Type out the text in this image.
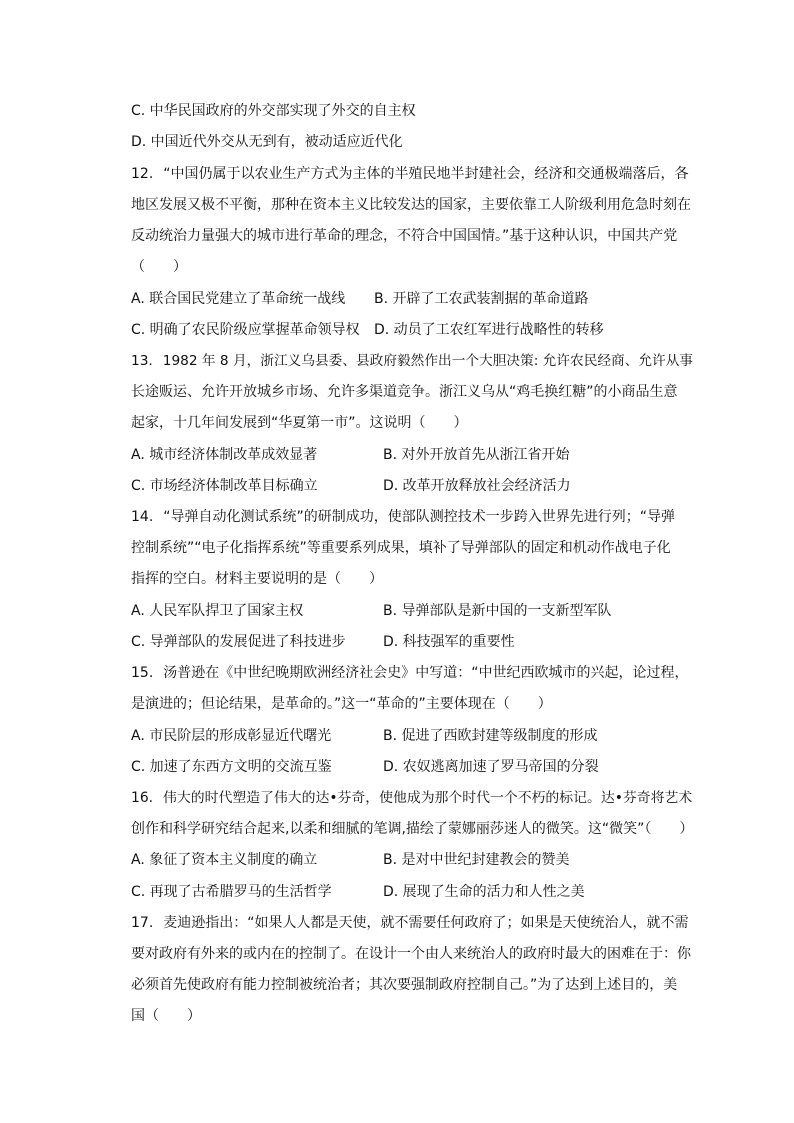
C. 中华民国政府的外交部实现了外交的自主权
D. 中国近代外交从无到有，被动适应近代化
12. “中国仍属于以农业生产方式为主体的半殖民地半封建社会，经济和交通极端落后，各
地区发展又极不平衡，那种在资本主义比较发达的国家，主要依靠工人阶级利用危急时刻在
反动统治力量强大的城市进行革命的理念，不符合中国国情。”基于这种认识，中国共产党
（　　）
A. 联合国民党建立了革命统一战线 B. 开辟了工农武装割据的革命道路
C. 明确了农民阶级应掌握革命领导权 D. 动员了工农红军进行战略性的转移
13. 1982 年 8 月，浙江义乌县委、县政府毅然作出一个大胆决策: 允许农民经商、允许从事
长途贩运、允许开放城乡市场、允许多渠道竞争。浙江义乌从“鸡毛换红糖”的小商品生意
起家，十几年间发展到“华夏第一市”。这说明（　　）
A. 城市经济体制改革成效显著	B. 对外开放首先从浙江省开始
C. 市场经济体制改革目标确立	D. 改革开放释放社会经济活力
14. “导弹自动化测试系统”的研制成功，使部队测控技术一步跨入世界先进行列；“导弹
控制系统”“电子化指挥系统”等重要系列成果，填补了导弹部队的固定和机动作战电子化
指挥的空白。材料主要说明的是（　　）
A. 人民军队捍卫了国家主权	B. 导弹部队是新中国的一支新型军队
C. 导弹部队的发展促进了科技进步	D. 科技强军的重要性
15. 汤普逊在《中世纪晚期欧洲经济社会史》中写道：“中世纪西欧城市的兴起，论过程，
是演进的；但论结果，是革命的。”这一“革命的”主要体现在（　　）
A. 市民阶层的形成彰显近代曙光	B. 促进了西欧封建等级制度的形成
C. 加速了东西方文明的交流互鉴	D. 农奴逃离加速了罗马帝国的分裂
16. 伟大的时代塑造了伟大的达•芬奇，使他成为那个时代一个不朽的标记。达•芬奇将艺术
创作和科学研究结合起来,以柔和细腻的笔调,描绘了蒙娜丽莎迷人的微笑。这“微笑”（　　）
A. 象征了资本主义制度的确立	B. 是对中世纪封建教会的赞美
C. 再现了古希腊罗马的生活哲学	D. 展现了生命的活力和人性之美
17. 麦迪逊指出：“如果人人都是天使，就不需要任何政府了；如果是天使统治人，就不需
要对政府有外来的或内在的控制了。在设计一个由人来统治人的政府时最大的困难在于：你
必须首先使政府有能力控制被统治者；其次要强制政府控制自己。”为了达到上述目的，美
国（　　）
